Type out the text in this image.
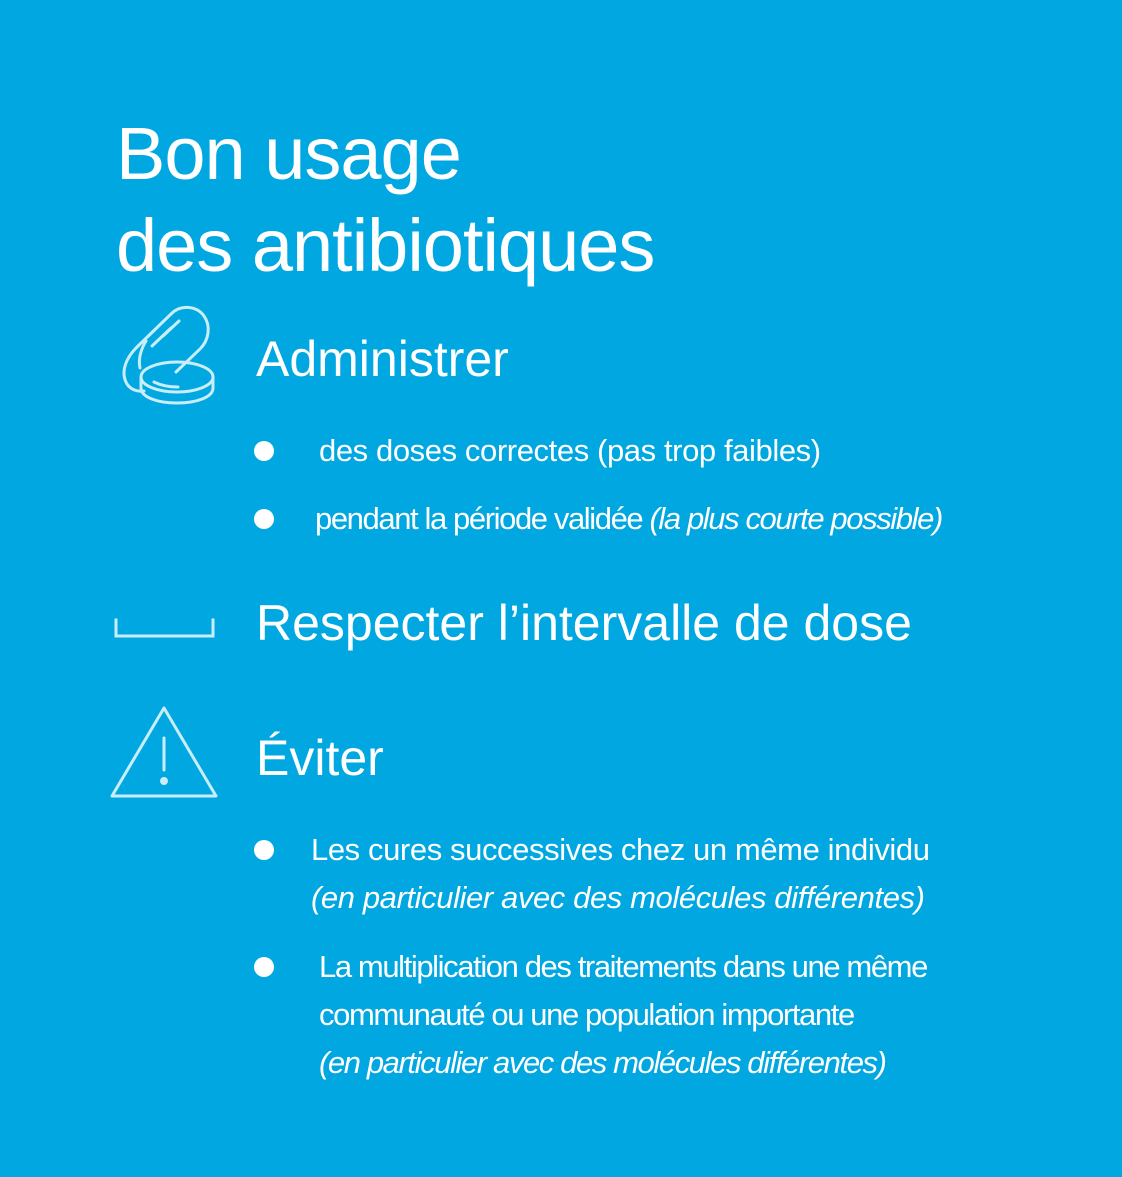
Bon usage
des antibiotiques
Administrer
des doses correctes (pas trop faibles)
pendant la période validée (la plus courte possible)
Respecter l’intervalle de dose
Éviter
Les cures successives chez un même individu
(en particulier avec des molécules différentes)
La multiplication des traitements dans une même
communauté ou une population importante
(en particulier avec des molécules différentes)
